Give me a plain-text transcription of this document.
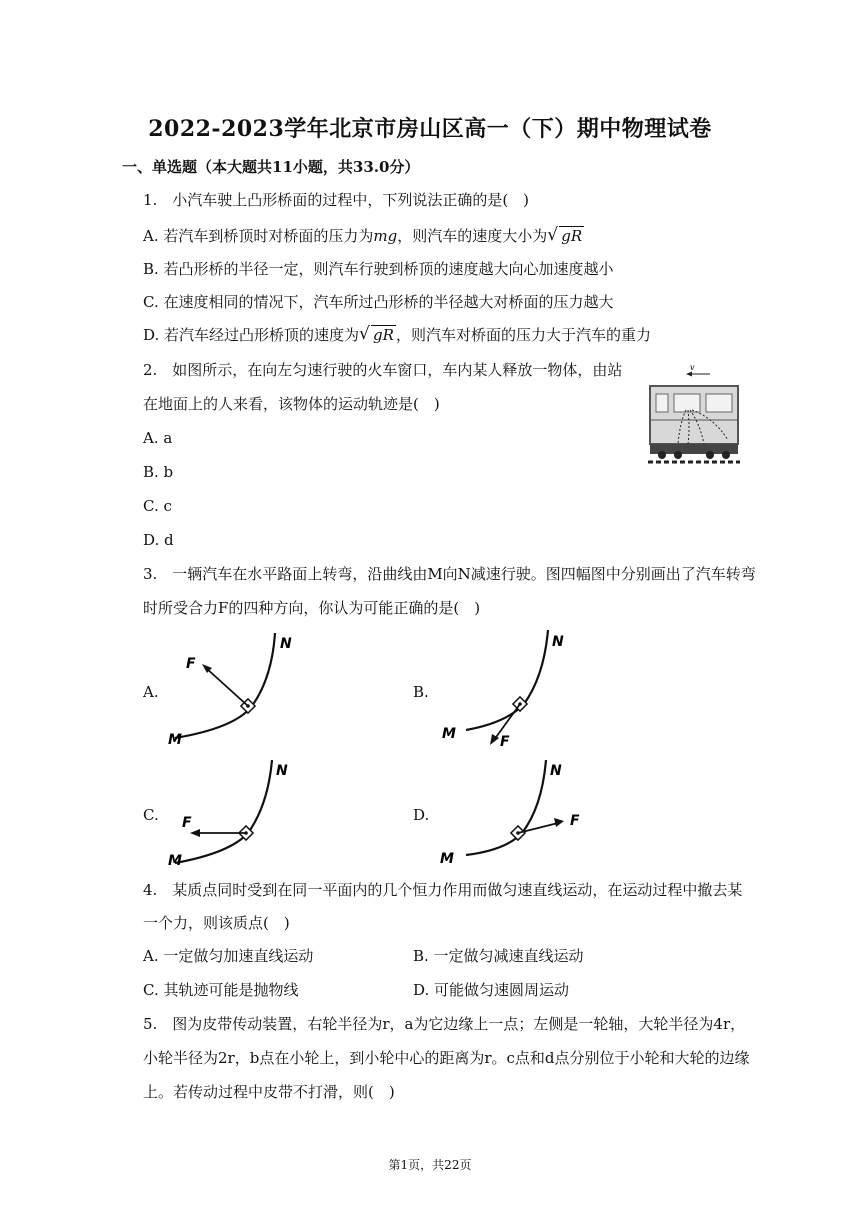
2022-2023学年北京市房山区高一（下）期中物理试卷
一、单选题（本大题共11小题，共33.0分）
1.　小汽车驶上凸形桥面的过程中，下列说法正确的是(　)
A. 若汽车到桥顶时对桥面的压力为mg，则汽车的速度大小为 √ gR
B. 若凸形桥的半径一定，则汽车行驶到桥顶的速度越大向心加速度越小
C. 在速度相同的情况下，汽车所过凸形桥的半径越大对桥面的压力越大
D. 若汽车经过凸形桥顶的速度为 √ gR ，则汽车对桥面的压力大于汽车的重力
2.　如图所示，在向左匀速行驶的火车窗口，车内某人释放一物体，由站
在地面上的人来看，该物体的运动轨迹是(　)
A. a
B. b
C. c
D. d
v
3.　一辆汽车在水平路面上转弯，沿曲线由M向N减速行驶。图四幅图中分别画出了汽车转弯
时所受合力F的四种方向，你认为可能正确的是(　)
A.
F
M
N
B.
F
M
N
C. F
M
N
D.	F
M
N
4.　某质点同时受到在同一平面内的几个恒力作用而做匀速直线运动，在运动过程中撤去某
一个力，则该质点(　)
A. 一定做匀加速直线运动	B. 一定做匀减速直线运动
C. 其轨迹可能是抛物线	D. 可能做匀速圆周运动
5.　图为皮带传动装置，右轮半径为r，a为它边缘上一点；左侧是一轮轴，大轮半径为4r，
小轮半径为2r，b点在小轮上，到小轮中心的距离为r。c点和d点分别位于小轮和大轮的边缘
上。若传动过程中皮带不打滑，则(　)
第1页，共22页
